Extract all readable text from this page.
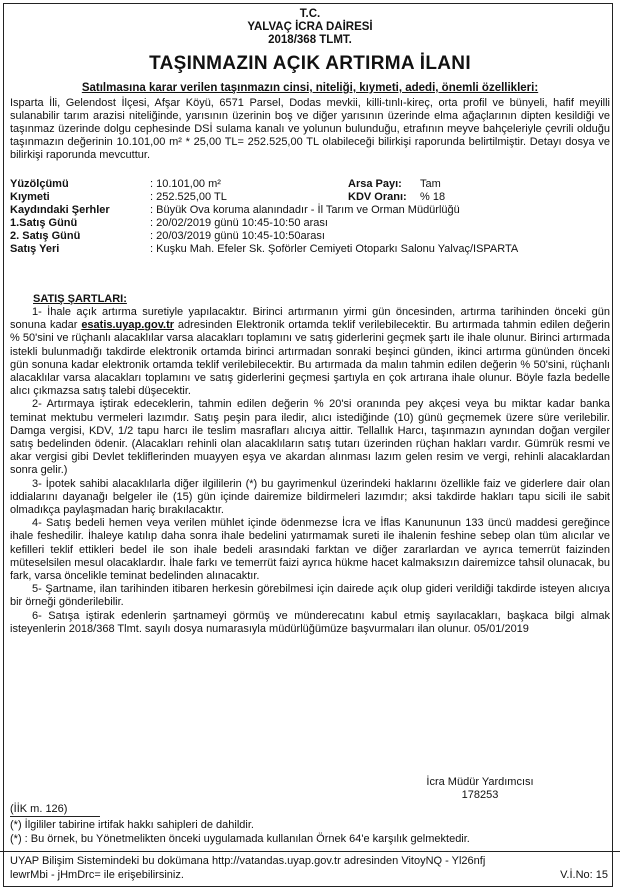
T.C.
YALVAÇ İCRA DAİRESİ
2018/368 TLMT.
TAŞINMAZIN AÇIK ARTIRMA İLANI
Satılmasına karar verilen taşınmazın cinsi, niteliği, kıymeti, adedi, önemli özellikleri:
Isparta İli, Gelendost İlçesi, Afşar Köyü, 6571 Parsel, Dodas mevkii, killi-tınlı-kireç, orta profil ve bünyeli, hafif meyilli sulanabilir tarım arazisi niteliğinde, yarısının üzerinin boş ve diğer yarısının üzerinde elma ağaçlarının dipten kesildiği ve taşınmaz üzerinde dolgu cephesinde DSİ sulama kanalı ve yolunun bulunduğu, etrafının meyve bahçeleriyle çevrili olduğu taşınmazın değerinin 10.101,00 m² * 25,00 TL= 252.525,00 TL olabileceği bilirkişi raporunda belirtilmiştir. Detayı dosya ve bilirkişi raporunda mevcuttur.
Yüzölçümü	: 10.101,00 m²	Arsa Payı: Tam
Kıymeti	: 252.525,00 TL	KDV Oranı: % 18
Kaydındaki Şerhler	: Büyük Ova koruma alanındadır - İl Tarım ve Orman Müdürlüğü
1.Satış Günü	: 20/02/2019 günü 10:45-10:50 arası
2. Satış Günü	: 20/03/2019 günü 10:45-10:50arası
Satış Yeri	: Kuşku Mah. Efeler Sk. Şoförler Cemiyeti Otoparkı Salonu Yalvaç/ISPARTA
SATIŞ ŞARTLARI:

1- İhale açık artırma suretiyle yapılacaktır. Birinci artırmanın yirmi gün öncesinden, artırma tarihinden önceki gün sonuna kadar esatis.uyap.gov.tr adresinden Elektronik ortamda teklif verilebilecektir. Bu artırmada tahmin edilen değerin % 50'sini ve rüçhanlı alacaklılar varsa alacakları toplamını ve satış giderlerini geçmek şartı ile ihale olunur. Birinci artırmada istekli bulunmadığı takdirde elektronik ortamda birinci artırmadan sonraki beşinci günden, ikinci artırma gününden önceki gün sonuna kadar elektronik ortamda teklif verilebilecektir. Bu artırmada da malın tahmin edilen değerin % 50'sini, rüçhanlı alacaklılar varsa alacakları toplamını ve satış giderlerini geçmesi şartıyla en çok artırana ihale olunur. Böyle fazla bedelle alıcı çıkmazsa satış talebi düşecektir.

2- Artırmaya iştirak edeceklerin, tahmin edilen değerin % 20'si oranında pey akçesi veya bu miktar kadar banka teminat mektubu vermeleri lazımdır. Satış peşin para iledir, alıcı istediğinde (10) günü geçmemek üzere süre verilebilir. Damga vergisi, KDV, 1/2 tapu harcı ile teslim masrafları alıcıya aittir. Tellallık Harcı, taşınmazın aynından doğan vergiler satış bedelinden ödenir. (Alacakları rehinli olan alacaklıların satış tutarı üzerinden rüçhan hakları vardır. Gümrük resmi ve akar vergisi gibi Devlet tekliflerinden muayyen eşya ve akardan alınması lazım gelen resim ve vergi, rehinli alacaklardan sonra gelir.)

3- İpotek sahibi alacaklılarla diğer ilgililerin (*) bu gayrimenkul üzerindeki haklarını özellikle faiz ve giderlere dair olan iddialarını dayanağı belgeler ile (15) gün içinde dairemize bildirmeleri lazımdır; aksi takdirde hakları tapu sicili ile sabit olmadıkça paylaşmadan hariç bırakılacaktır.

4- Satış bedeli hemen veya verilen mühlet içinde ödenmezse İcra ve İflas Kanununun 133 üncü maddesi gereğince ihale feshedilir. İhaleye katılıp daha sonra ihale bedelini yatırmamak sureti ile ihalenin feshine sebep olan tüm alıcılar ve kefilleri teklif ettikleri bedel ile son ihale bedeli arasındaki farktan ve diğer zararlardan ve ayrıca temerrüt faizinden müteselsilen mesul olacaklardır. İhale farkı ve temerrüt faizi ayrıca hükme hacet kalmaksızın dairemizce tahsil olunacak, bu fark, varsa öncelikle teminat bedelinden alınacaktır.

5- Şartname, ilan tarihinden itibaren herkesin görebilmesi için dairede açık olup gideri verildiği takdirde isteyen alıcıya bir örneği gönderilebilir.

6- Satışa iştirak edenlerin şartnameyi görmüş ve münderecatını kabul etmiş sayılacakları, başkaca bilgi almak isteyenlerin 2018/368 Tlmt. sayılı dosya numarasıyla müdürlüğümüze başvurmaları ilan olunur. 05/01/2019

İcra Müdür Yardımcısı
178253
(İİK m. 126)
(*) İlgililer tabirine irtifak hakkı sahipleri de dahildir.
(*) : Bu örnek, bu Yönetmelikten önceki uygulamada kullanılan Örnek 64'e karşılık gelmektedir.
UYAP Bilişim Sistemindeki bu dokümana http://vatandas.uyap.gov.tr adresinden VitoyNQ - Yl26nfj
lewrMbi - jHmDrc= ile erişebilirsiniz.	V.İ.No: 15
